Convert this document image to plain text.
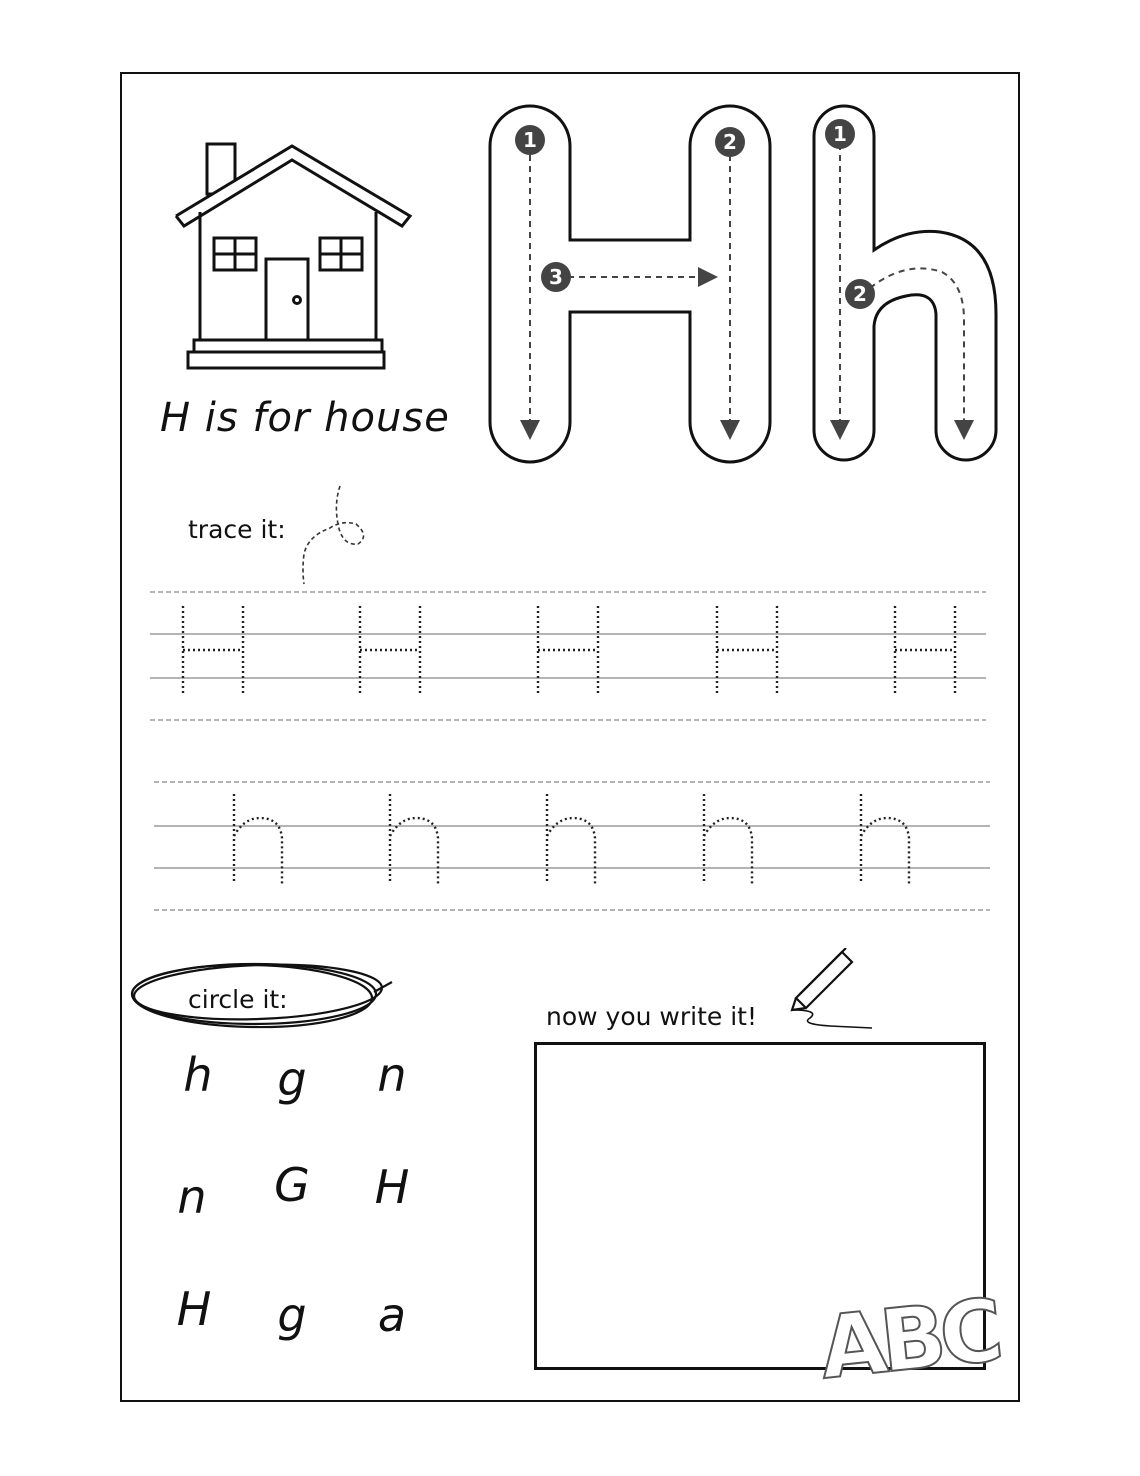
H is for house
1	2
3
1
2
trace it:
circle it:
h	g	n
n	G H
H	g	a
now you write it!
ABC
